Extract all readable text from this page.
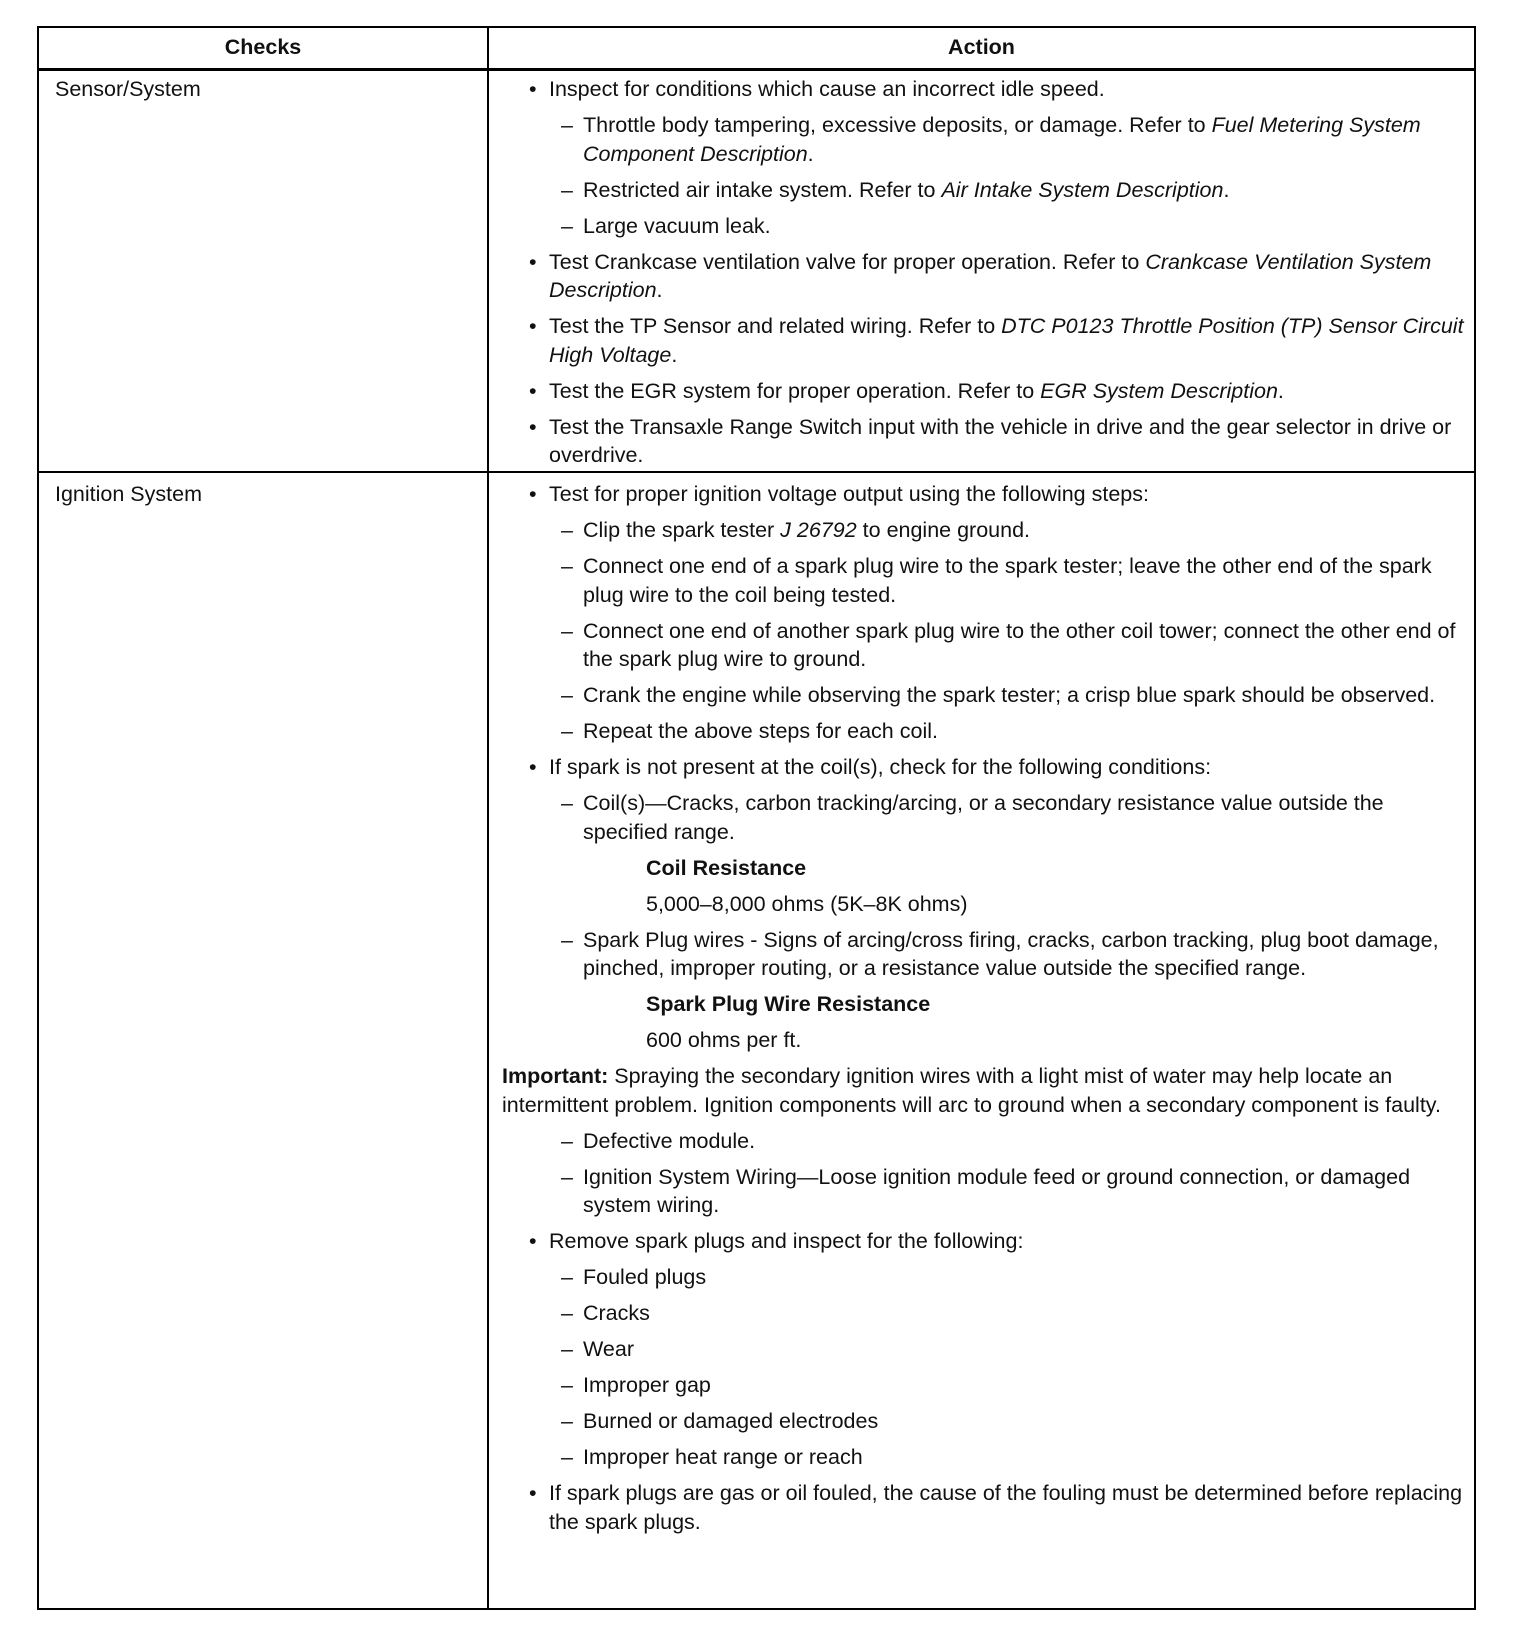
Checks	Action
Sensor/System	• Inspect for conditions which cause an incorrect idle speed.
– Throttle body tampering, excessive deposits, or damage. Refer to Fuel Metering System Component Description.
– Restricted air intake system. Refer to Air Intake System Description.
– Large vacuum leak.
• Test Crankcase ventilation valve for proper operation. Refer to Crankcase Ventilation System Description.
• Test the TP Sensor and related wiring. Refer to DTC P0123 Throttle Position (TP) Sensor Circuit High Voltage.
• Test the EGR system for proper operation. Refer to EGR System Description.
• Test the Transaxle Range Switch input with the vehicle in drive and the gear selector in drive or overdrive.
Ignition System	• Test for proper ignition voltage output using the following steps:
– Clip the spark tester J 26792 to engine ground.
– Connect one end of a spark plug wire to the spark tester; leave the other end of the spark plug wire to the coil being tested.
– Connect one end of another spark plug wire to the other coil tower; connect the other end of the spark plug wire to ground.
– Crank the engine while observing the spark tester; a crisp blue spark should be observed.
– Repeat the above steps for each coil.
• If spark is not present at the coil(s), check for the following conditions:
– Coil(s)—Cracks, carbon tracking/arcing, or a secondary resistance value outside the specified range.
Coil Resistance
5,000–8,000 ohms (5K–8K ohms)
– Spark Plug wires - Signs of arcing/cross firing, cracks, carbon tracking, plug boot damage, pinched, improper routing, or a resistance value outside the specified range.
Spark Plug Wire Resistance
600 ohms per ft.
Important: Spraying the secondary ignition wires with a light mist of water may help locate an intermittent problem. Ignition components will arc to ground when a secondary component is faulty.
– Defective module.
– Ignition System Wiring—Loose ignition module feed or ground connection, or damaged system wiring.
• Remove spark plugs and inspect for the following:
– Fouled plugs
– Cracks
– Wear
– Improper gap
– Burned or damaged electrodes
– Improper heat range or reach
• If spark plugs are gas or oil fouled, the cause of the fouling must be determined before replacing the spark plugs.
